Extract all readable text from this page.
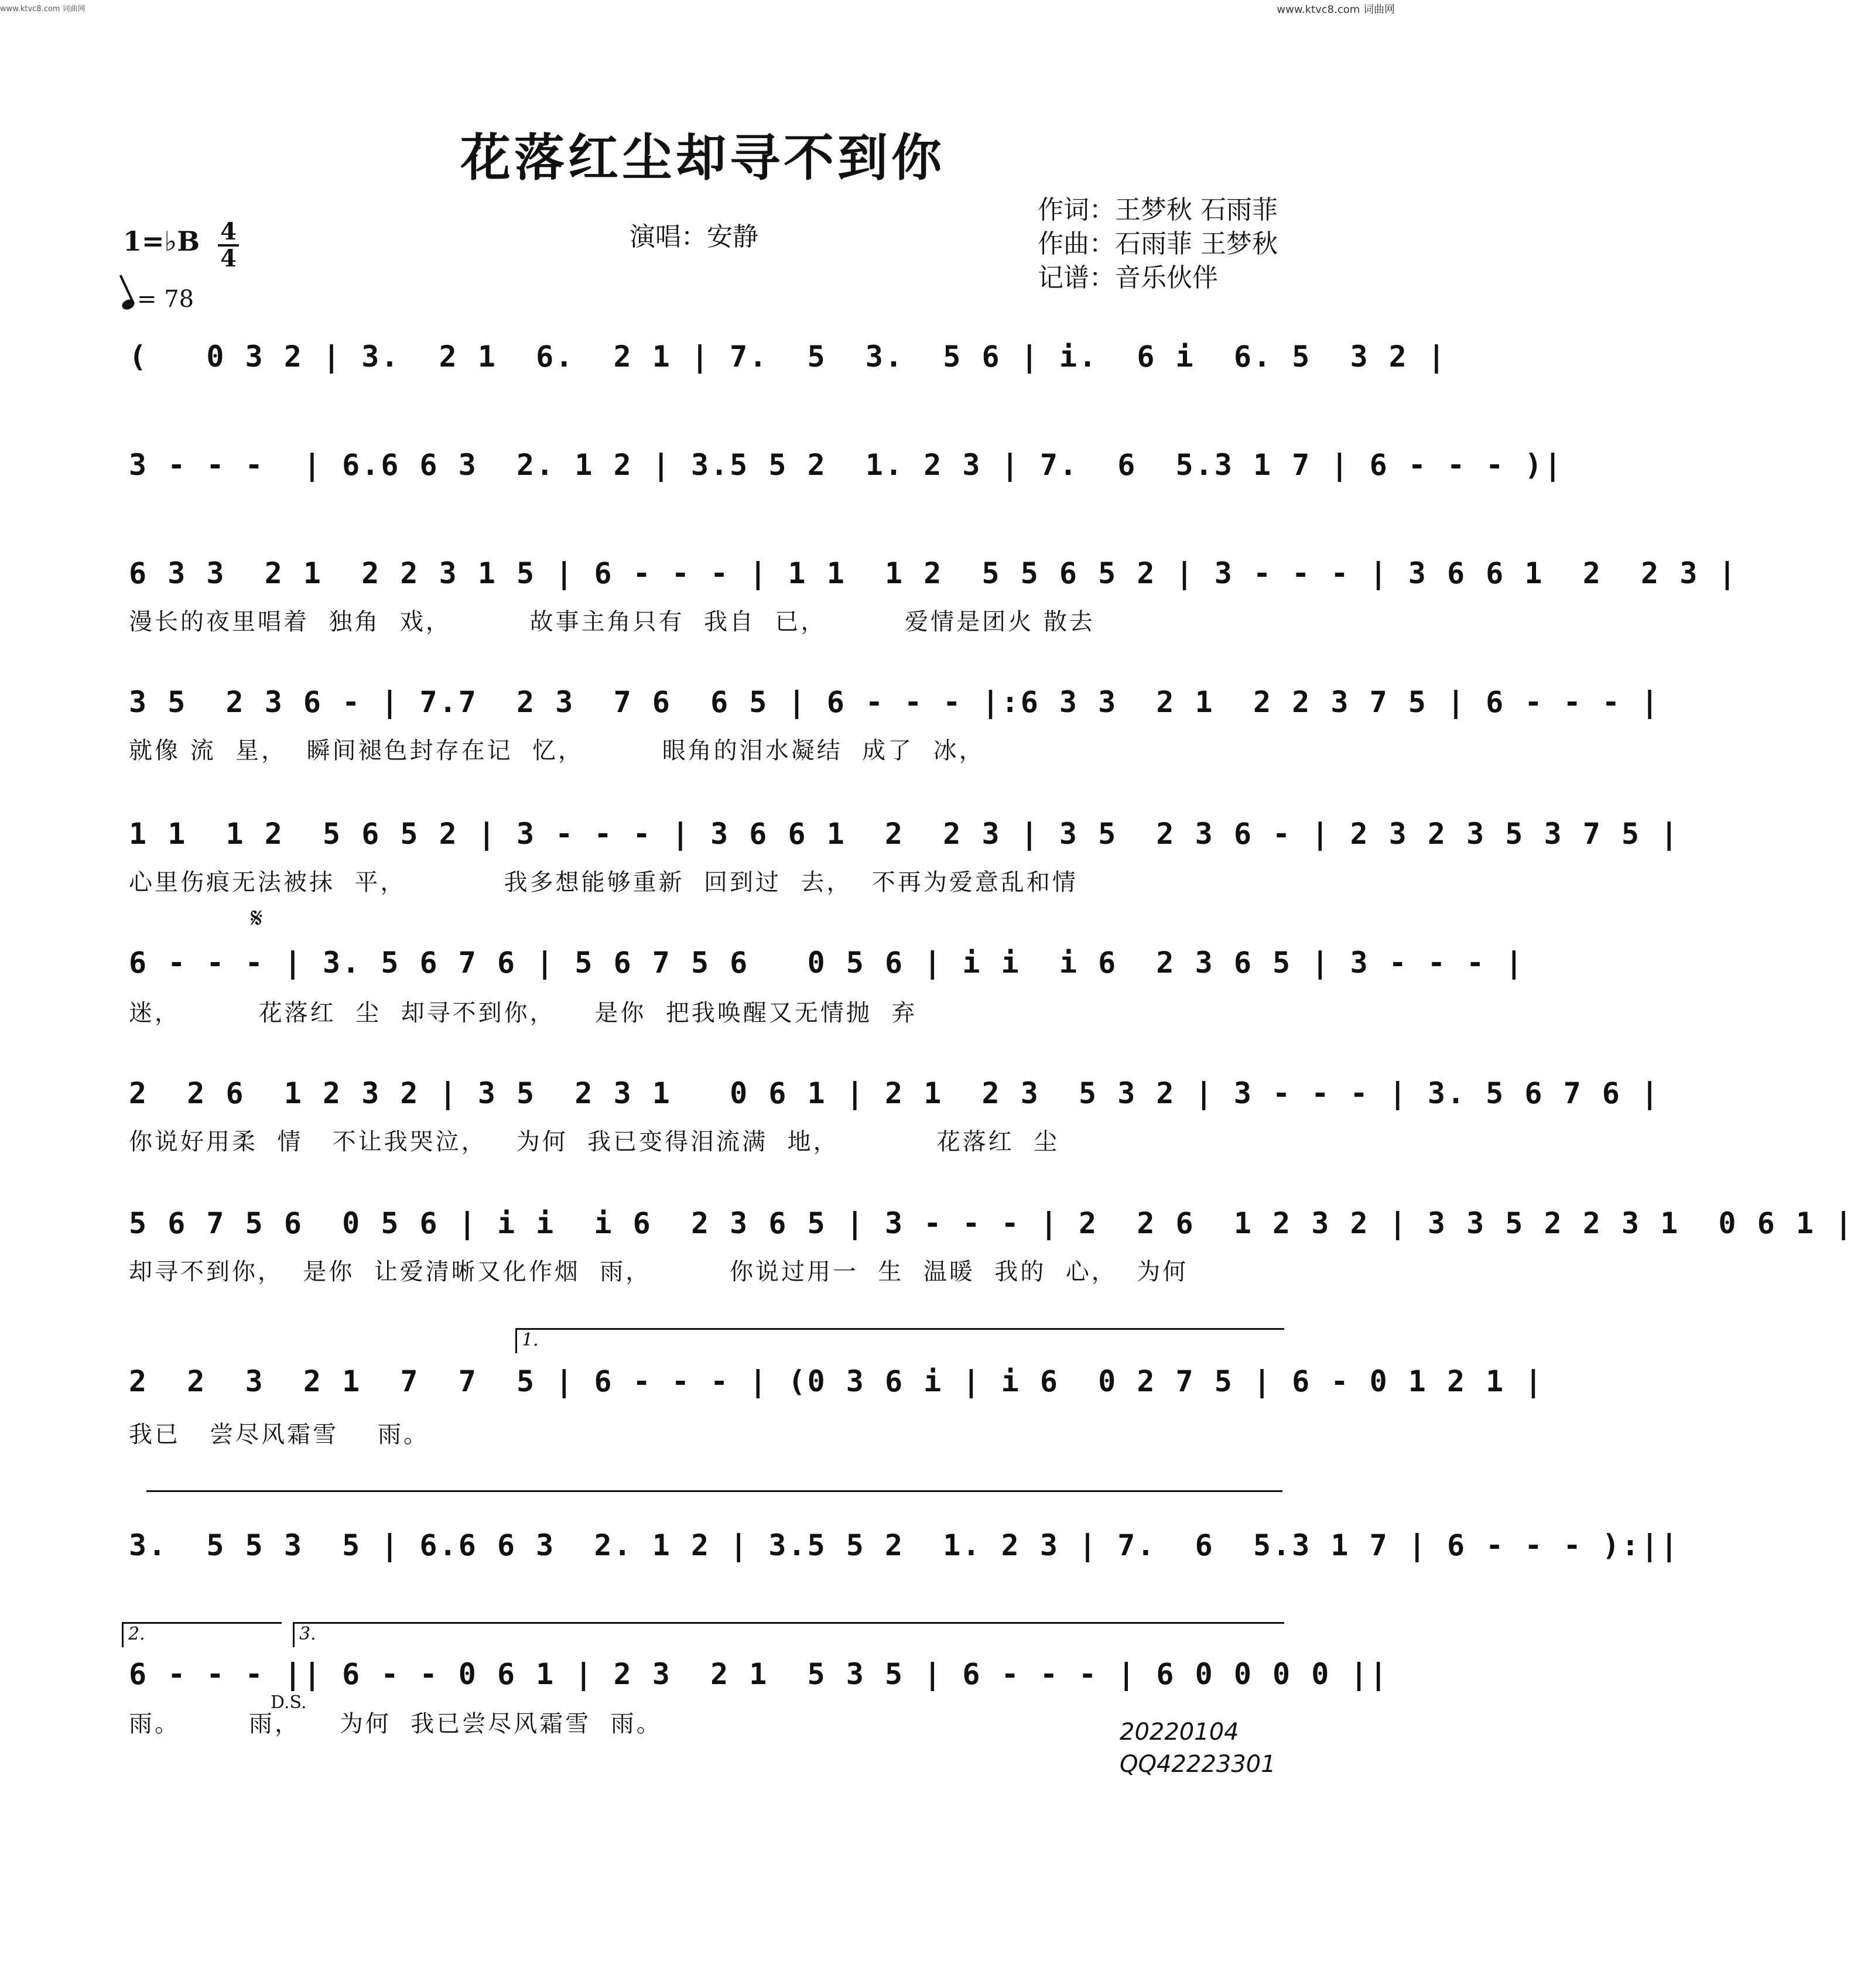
www.ktvc8.com 词曲网	www.ktvc8.com 词曲网
花落红尘却寻不到你
演唱：安静
作词：王梦秋 石雨菲
作曲：石雨菲 王梦秋
记谱：音乐伙伴
1=♭B 4
4
= 78
(   0 3 2 | 3.  2 1  6.  2 1 | 7.  5  3.  5 6 | i.  6 i  6. 5  3 2 |
3 - - -  | 6.6 6 3  2. 1 2 | 3.5 5 2  1. 2 3 | 7.  6  5.3 1 7 | 6 - - - )|
6 3 3  2 1  2 2 3 1 5 | 6 - - - | 1 1  1 2  5 5 6 5 2 | 3 - - - | 3 6 6 1  2  2 3 |
漫长的夜里唱着  独角  戏，        故事主角只有  我自  已，        爱情是团火 散去
3 5  2 3 6 - | 7.7  2 3  7 6  6 5 | 6 - - - |:6 3 3  2 1  2 2 3 7 5 | 6 - - - |
就像 流  星，  瞬间褪色封存在记  忆，        眼角的泪水凝结  成了  冰，
1 1  1 2  5 6 5 2 | 3 - - - | 3 6 6 1  2  2 3 | 3 5  2 3 6 - | 2 3 2 3 5 3 7 5 |
心里伤痕无法被抹  平，          我多想能够重新  回到过  去，  不再为爱意乱和情
𝄋
6 - - - | 3. 5 6 7 6 | 5 6 7 5 6   0 5 6 | i i  i 6  2 3 6 5 | 3 - - - |
迷，        花落红  尘  却寻不到你，    是你  把我唤醒又无情抛  弃
2  2 6  1 2 3 2 | 3 5  2 3 1   0 6 1 | 2 1  2 3  5 3 2 | 3 - - - | 3. 5 6 7 6 |
你说好用柔  情   不让我哭泣，   为何  我已变得泪流满  地，          花落红  尘
5 6 7 5 6  0 5 6 | i i  i 6  2 3 6 5 | 3 - - - | 2  2 6  1 2 3 2 | 3 3 5 2 2 3 1  0 6 1 |
却寻不到你，  是你  让爱清晰又化作烟  雨，        你说过用一  生  温暖  我的  心，  为何
1.
2  2  3  2 1  7  7  5 | 6 - - - | (0 3 6 i | i 6  0 2 7 5 | 6 - 0 1 2 1 |
我已   尝尽风霜雪    雨。
3.  5 5 3  5 | 6.6 6 3  2. 1 2 | 3.5 5 2  1. 2 3 | 7.  6  5.3 1 7 | 6 - - - ):||
2.	3.
6 - - - || 6 - - 0 6 1 | 2 3  2 1  5 3 5 | 6 - - - | 6 0 0 0 0 ||
D.S.
雨。       雨，    为何  我已尝尽风霜雪  雨。	20220104
QQ42223301
